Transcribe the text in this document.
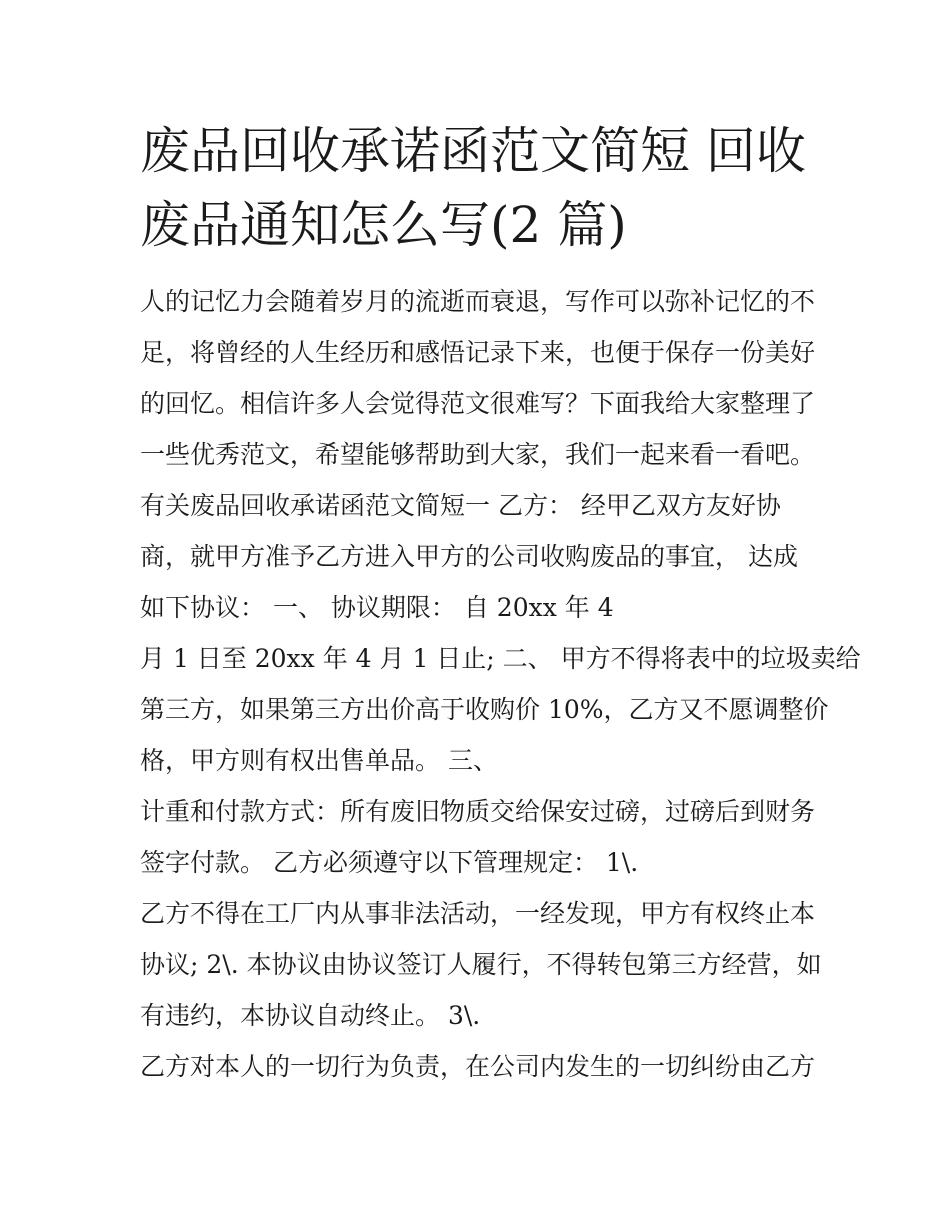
废品回收承诺函范文简短 回收
废品通知怎么写(2 篇)

人的记忆力会随着岁月的流逝而衰退，写作可以弥补记忆的不

足，将曾经的人生经历和感悟记录下来，也便于保存一份美好

的回忆。相信许多人会觉得范文很难写？下面我给大家整理了

一些优秀范文，希望能够帮助到大家，我们一起来看一看吧。

有关废品回收承诺函范文简短一 乙方： 经甲乙双方友好协

商，就甲方准予乙方进入甲方的公司收购废品的事宜， 达成

如下协议： 一、 协议期限： 自 20xx 年 4

月 1 日至 20xx 年 4 月 1 日止; 二、 甲方不得将表中的垃圾卖给

第三方，如果第三方出价高于收购价 10%，乙方又不愿调整价

格，甲方则有权出售单品。 三、

计重和付款方式：所有废旧物质交给保安过磅，过磅后到财务

签字付款。 乙方必须遵守以下管理规定： 1\.

乙方不得在工厂内从事非法活动，一经发现，甲方有权终止本

协议; 2\. 本协议由协议签订人履行，不得转包第三方经营，如

有违约，本协议自动终止。 3\.

乙方对本人的一切行为负责，在公司内发生的一切纠纷由乙方
